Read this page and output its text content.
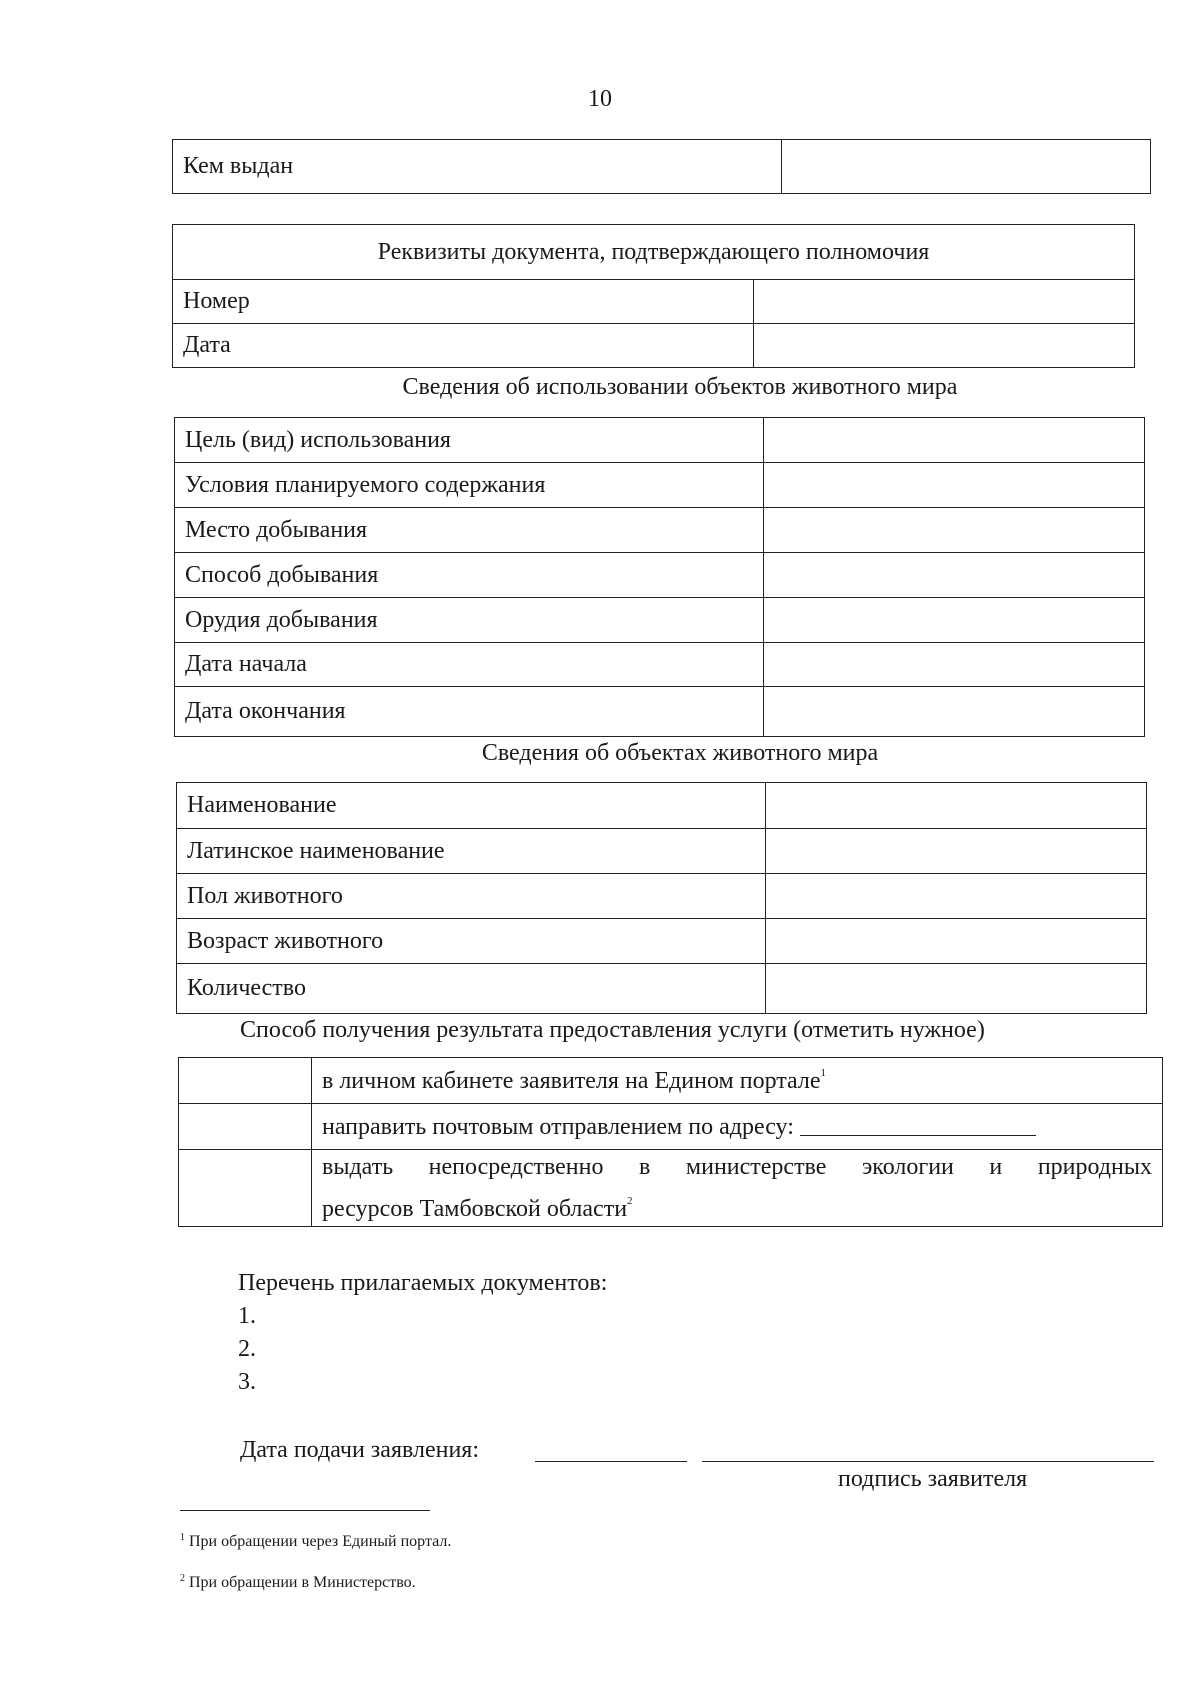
10
Кем выдан	
Реквизиты документа, подтверждающего полномочия	
Номер	
Дата	
Сведения об использовании объектов животного мира
Цель (вид) использования	
Условия планируемого содержания	
Место добывания	
Способ добывания	
Орудия добывания	
Дата начала	
Дата окончания	
Сведения об объектах животного мира
Наименование	
Латинское наименование	
Пол животного	
Возраст животного	
Количество	
Способ получения результата предоставления услуги (отметить нужное)
	в личном кабинете заявителя на Едином портале$^1$
	направить почтовым отправлением по адресу:

	выдать непосредственно в министерстве экологии и природных
ресурсов Тамбовской области$^2$
Перечень прилагаемых документов:
1.
2.
3.
Дата подачи заявления:
подпись заявителя
$^1$ При обращении через Единый портал.
$^2$ При обращении в Министерство.
